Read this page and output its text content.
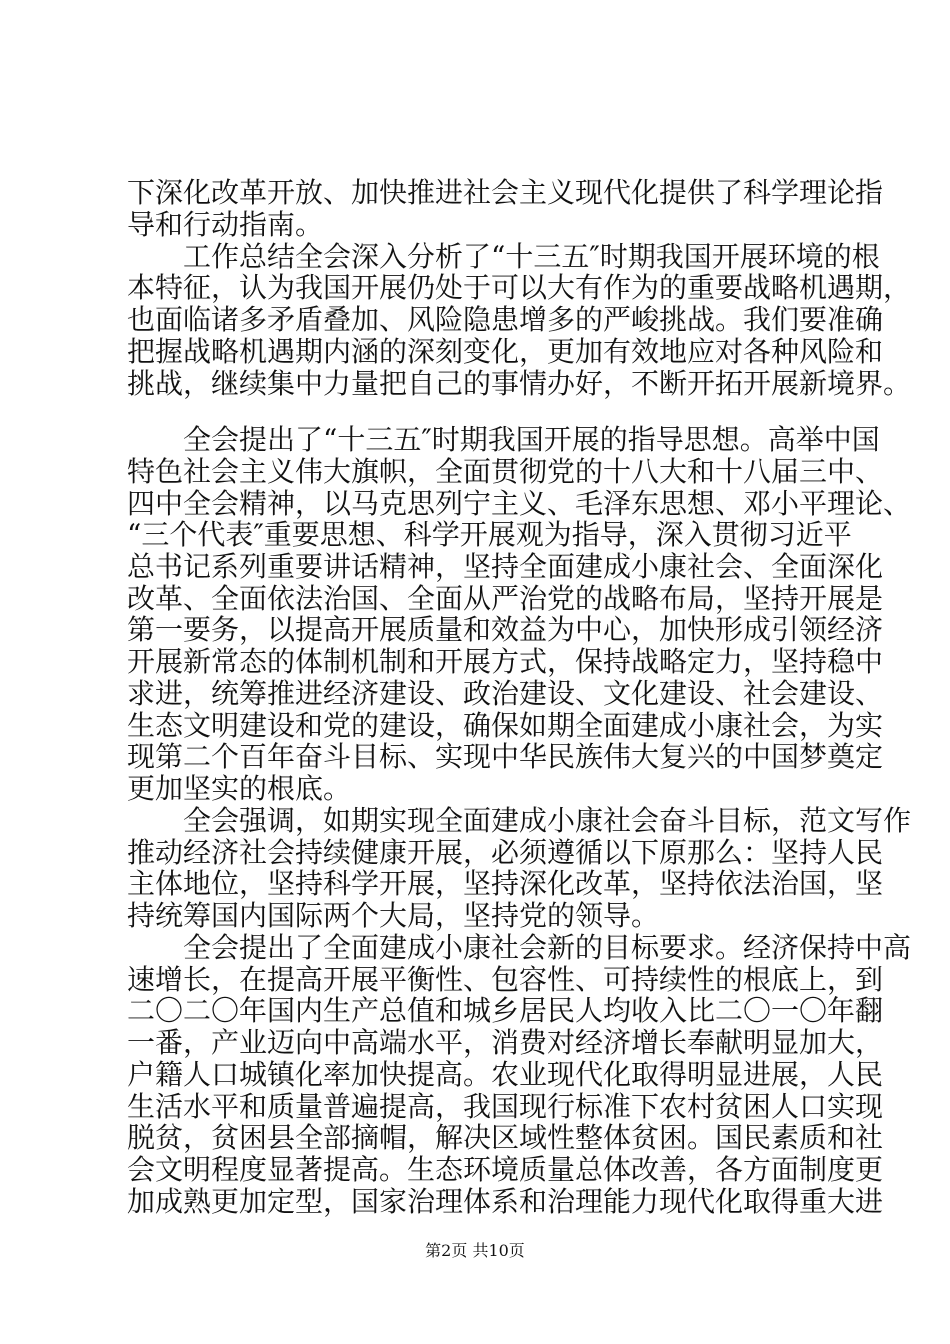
下深化改革开放、加快推进社会主义现代化提供了科学理论指

导和行动指南。

工作总结全会深入分析了“十三五″时期我国开展环境的根

本特征，认为我国开展仍处于可以大有作为的重要战略机遇期，

也面临诸多矛盾叠加、风险隐患增多的严峻挑战。我们要准确

把握战略机遇期内涵的深刻变化，更加有效地应对各种风险和

挑战，继续集中力量把自己的事情办好，不断开拓开展新境界。

全会提出了“十三五″时期我国开展的指导思想。高举中国

特色社会主义伟大旗帜，全面贯彻党的十八大和十八届三中、

四中全会精神，以马克思列宁主义、毛泽东思想、邓小平理论、

“三个代表″重要思想、科学开展观为指导，深入贯彻习近平

总书记系列重要讲话精神，坚持全面建成小康社会、全面深化

改革、全面依法治国、全面从严治党的战略布局，坚持开展是

第一要务，以提高开展质量和效益为中心，加快形成引领经济

开展新常态的体制机制和开展方式，保持战略定力，坚持稳中

求进，统筹推进经济建设、政治建设、文化建设、社会建设、

生态文明建设和党的建设，确保如期全面建成小康社会，为实

现第二个百年奋斗目标、实现中华民族伟大复兴的中国梦奠定

更加坚实的根底。

全会强调，如期实现全面建成小康社会奋斗目标，范文写作

推动经济社会持续健康开展，必须遵循以下原那么：坚持人民

主体地位，坚持科学开展，坚持深化改革，坚持依法治国，坚

持统筹国内国际两个大局，坚持党的领导。

全会提出了全面建成小康社会新的目标要求。经济保持中高

速增长，在提高开展平衡性、包容性、可持续性的根底上，到

二〇二〇年国内生产总值和城乡居民人均收入比二〇一〇年翻

一番，产业迈向中高端水平，消费对经济增长奉献明显加大，

户籍人口城镇化率加快提高。农业现代化取得明显进展，人民

生活水平和质量普遍提高，我国现行标准下农村贫困人口实现

脱贫，贫困县全部摘帽，解决区域性整体贫困。国民素质和社

会文明程度显著提高。生态环境质量总体改善，各方面制度更

加成熟更加定型，国家治理体系和治理能力现代化取得重大进

第2页 共10页
